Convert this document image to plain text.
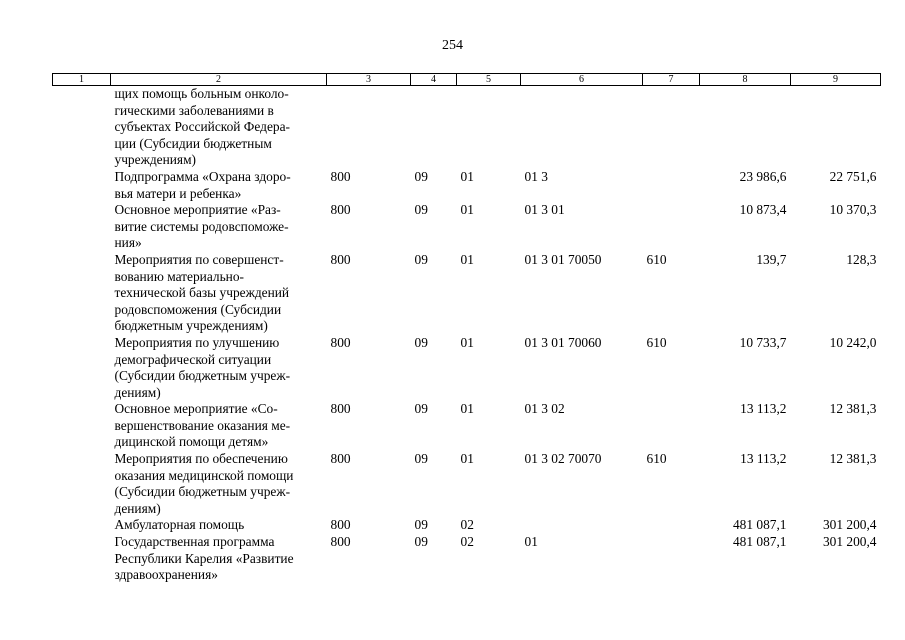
254
1	2	3	4	5	6	7	8	9
	щих помощь больным онколо-
гическими заболеваниями в
субъектах Российской Федера-
ции (Субсидии бюджетным
учреждениям)							
	Подпрограмма «Охрана здоро-
вья матери и ребенка»	800	09	01	01 3		23 986,6	22 751,6
	Основное мероприятие «Раз-
витие системы родовспоможе-
ния»	800	09	01	01 3 01		10 873,4	10 370,3
	Мероприятия по совершенст-
вованию материально-
технической базы учреждений
родовспоможения (Субсидии
бюджетным учреждениям)	800	09	01	01 3 01 70050	610	139,7	128,3
	Мероприятия по улучшению
демографической ситуации
(Субсидии бюджетным учреж-
дениям)	800	09	01	01 3 01 70060	610	10 733,7	10 242,0
	Основное мероприятие «Со-
вершенствование оказания ме-
дицинской помощи детям»	800	09	01	01 3 02		13 113,2	12 381,3
	Мероприятия по обеспечению
оказания медицинской помощи
(Субсидии бюджетным учреж-
дениям)	800	09	01	01 3 02 70070	610	13 113,2	12 381,3
	Амбулаторная помощь	800	09	02			481 087,1	301 200,4
	Государственная программа
Республики Карелия «Развитие
здравоохранения»	800	09	02	01		481 087,1	301 200,4
